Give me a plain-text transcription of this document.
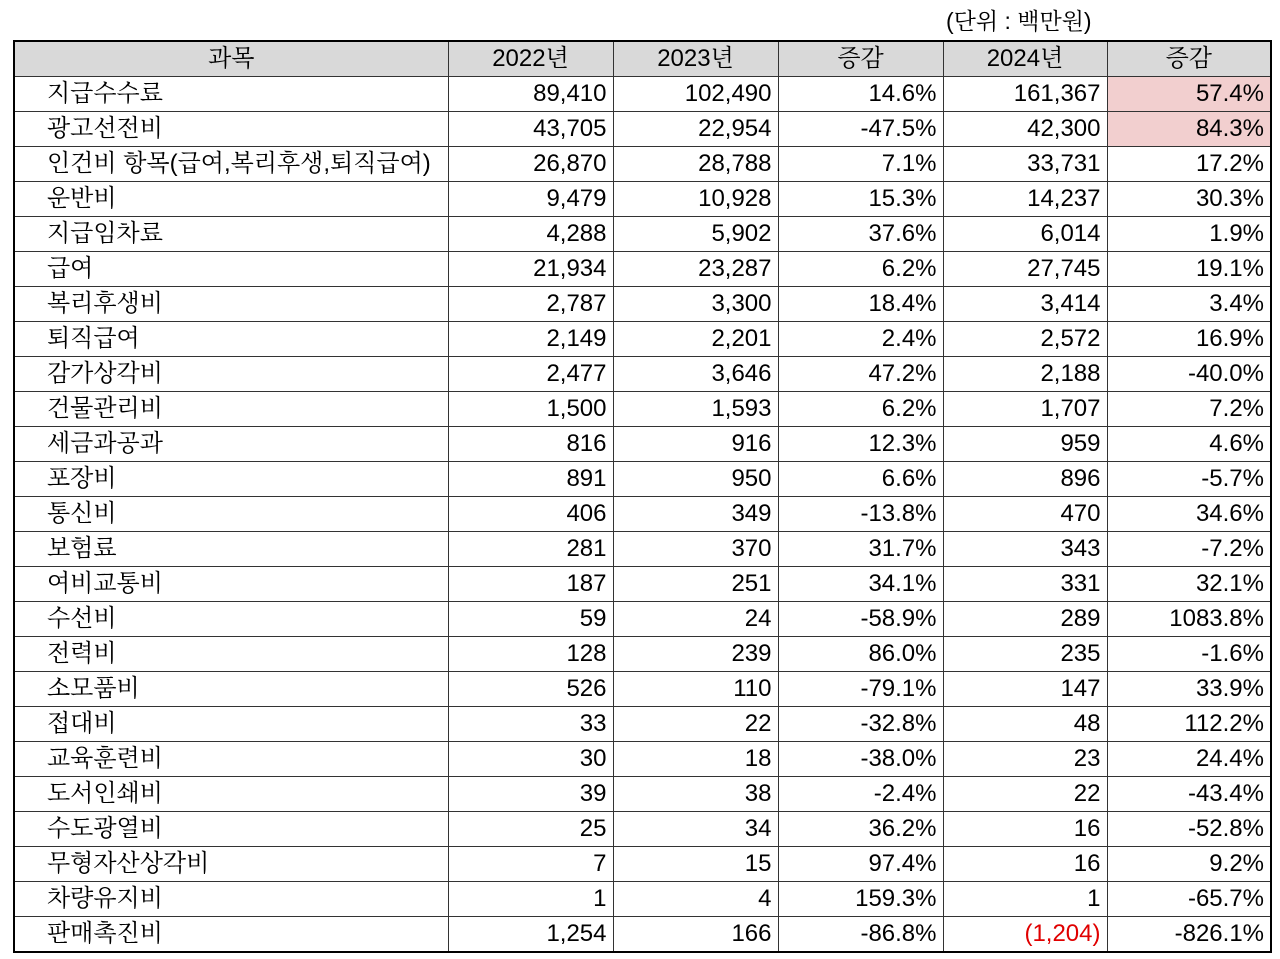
(단위 : 백만원)
과목	2022년	2023년	증감	2024년	증감
지급수수료	89,410	102,490	14.6%	161,367	57.4%
광고선전비	43,705	22,954	-47.5%	42,300	84.3%
인건비 항목(급여,복리후생,퇴직급여)	26,870	28,788	7.1%	33,731	17.2%
운반비	9,479	10,928	15.3%	14,237	30.3%
지급임차료	4,288	5,902	37.6%	6,014	1.9%
급여	21,934	23,287	6.2%	27,745	19.1%
복리후생비	2,787	3,300	18.4%	3,414	3.4%
퇴직급여	2,149	2,201	2.4%	2,572	16.9%
감가상각비	2,477	3,646	47.2%	2,188	-40.0%
건물관리비	1,500	1,593	6.2%	1,707	7.2%
세금과공과	816	916	12.3%	959	4.6%
포장비	891	950	6.6%	896	-5.7%
통신비	406	349	-13.8%	470	34.6%
보험료	281	370	31.7%	343	-7.2%
여비교통비	187	251	34.1%	331	32.1%
수선비	59	24	-58.9%	289	1083.8%
전력비	128	239	86.0%	235	-1.6%
소모품비	526	110	-79.1%	147	33.9%
접대비	33	22	-32.8%	48	112.2%
교육훈련비	30	18	-38.0%	23	24.4%
도서인쇄비	39	38	-2.4%	22	-43.4%
수도광열비	25	34	36.2%	16	-52.8%
무형자산상각비	7	15	97.4%	16	9.2%
차량유지비	1	4	159.3%	1	-65.7%
판매촉진비	1,254	166	-86.8%	(1,204)	-826.1%
